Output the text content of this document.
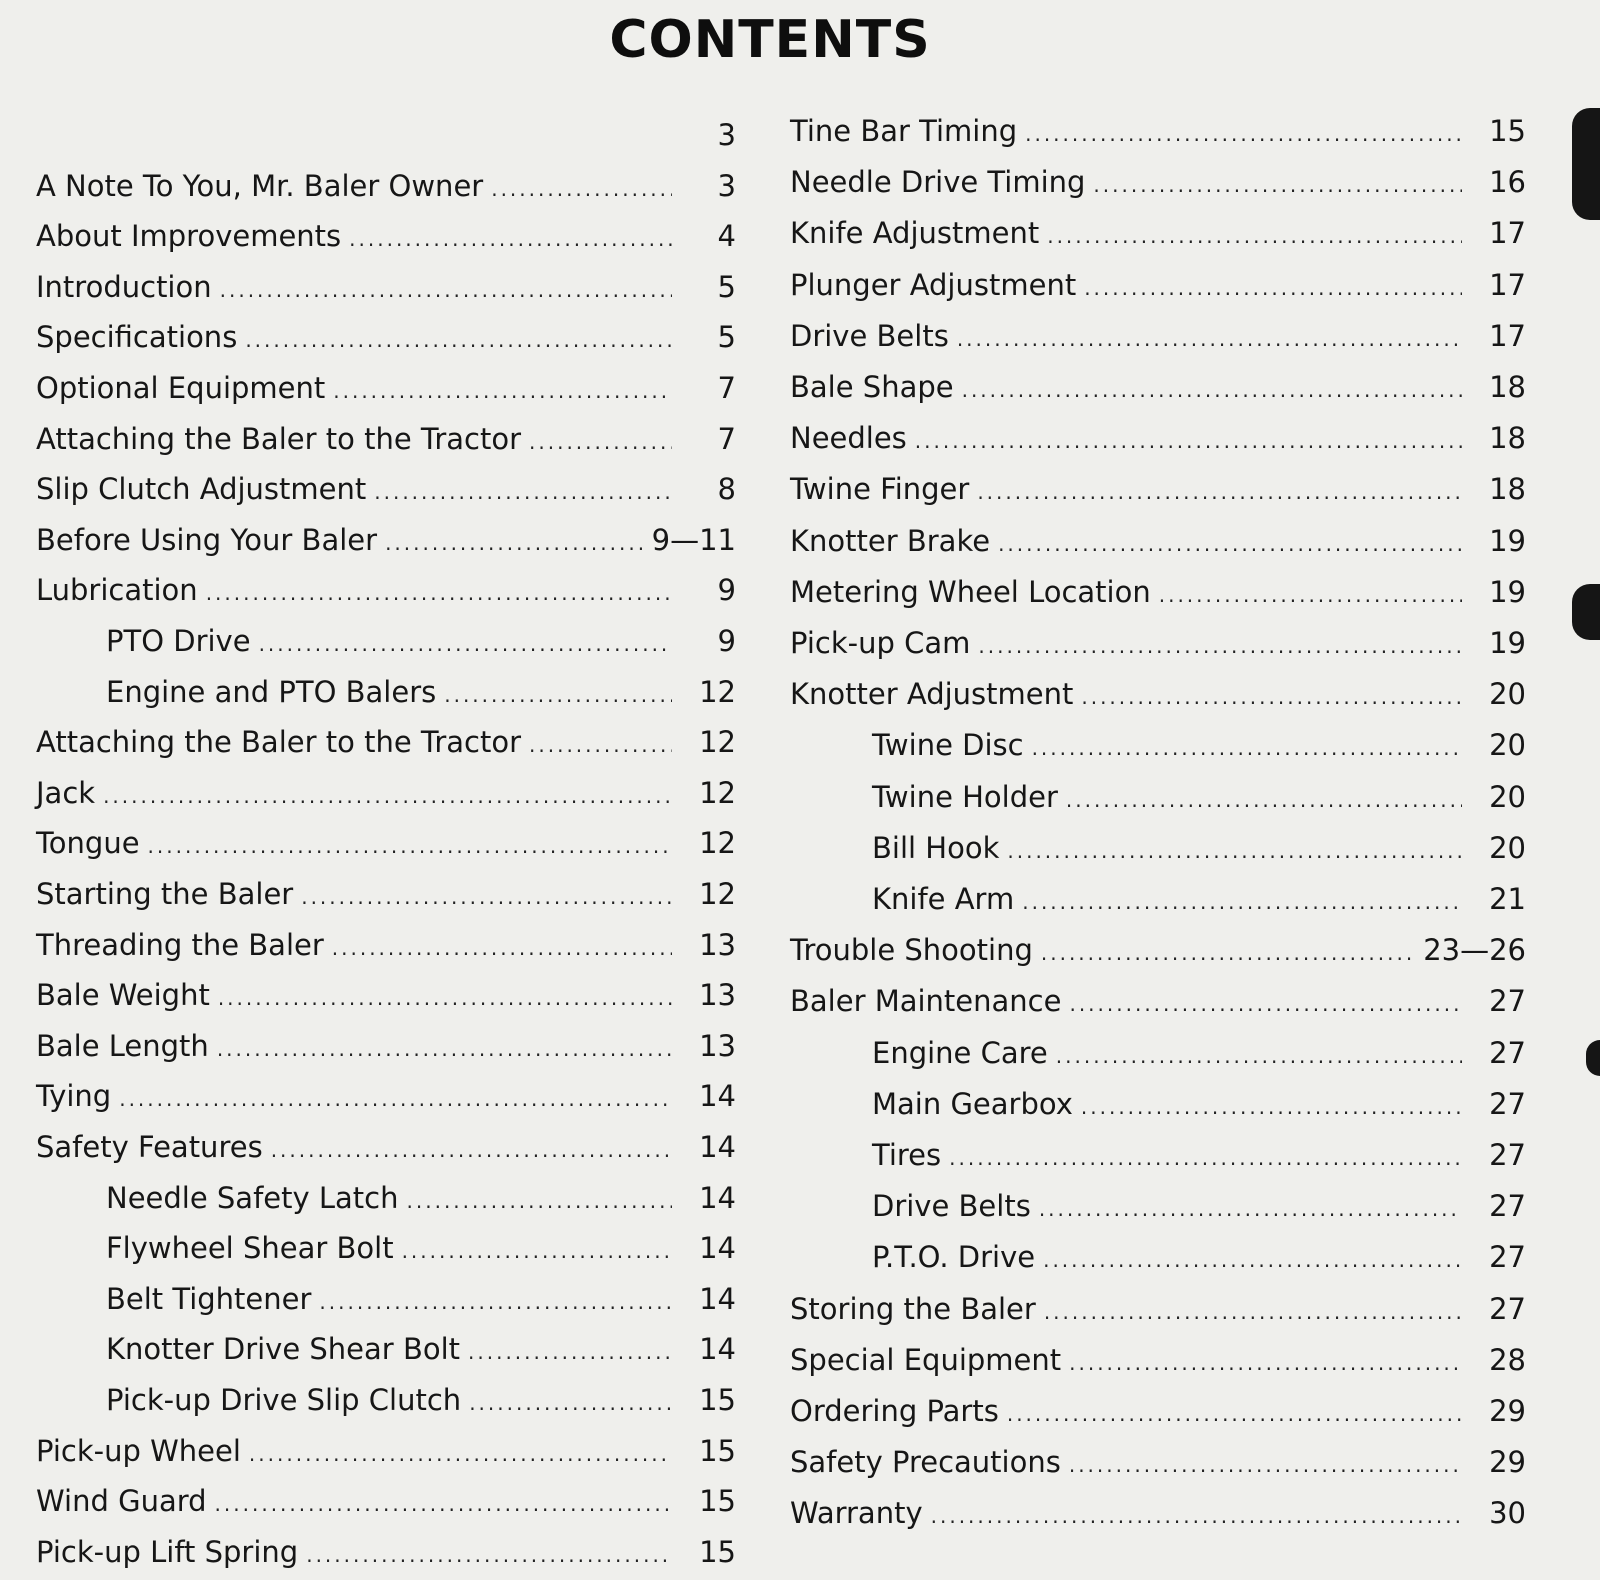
CONTENTS
3
A Note To You, Mr. Baler Owner .....	3
About Improvements .....	4
Introduction .....	5
Specifications .....	5
Optional Equipment .....	7
Attaching the Baler to the Tractor .....	7
Slip Clutch Adjustment .....	8
Before Using Your Baler .....	9—11
Lubrication .....	9
PTO Drive .....	9
Engine and PTO Balers .....	12
Attaching the Baler to the Tractor .....	12
Jack .....	12
Tongue .....	12
Starting the Baler .....	12
Threading the Baler .....	13
Bale Weight .....	13
Bale Length .....	13
Tying .....	14
Safety Features .....	14
Needle Safety Latch .....	14
Flywheel Shear Bolt .....	14
Belt Tightener .....	14
Knotter Drive Shear Bolt .....	14
Pick-up Drive Slip Clutch .....	15
Pick-up Wheel .....	15
Wind Guard .....	15
Pick-up Lift Spring .....	15
Tine Bar Timing .....	15
Needle Drive Timing .....	16
Knife Adjustment .....	17
Plunger Adjustment .....	17
Drive Belts .....	17
Bale Shape .....	18
Needles .....	18
Twine Finger .....	18
Knotter Brake .....	19
Metering Wheel Location .....	19
Pick-up Cam .....	19
Knotter Adjustment .....	20
Twine Disc .....	20
Twine Holder .....	20
Bill Hook .....	20
Knife Arm .....	21
Trouble Shooting .....	23—26
Baler Maintenance .....	27
Engine Care .....	27
Main Gearbox .....	27
Tires .....	27
Drive Belts .....	27
P.T.O. Drive .....	27
Storing the Baler .....	27
Special Equipment .....	28
Ordering Parts .....	29
Safety Precautions .....	29
Warranty .....	30
